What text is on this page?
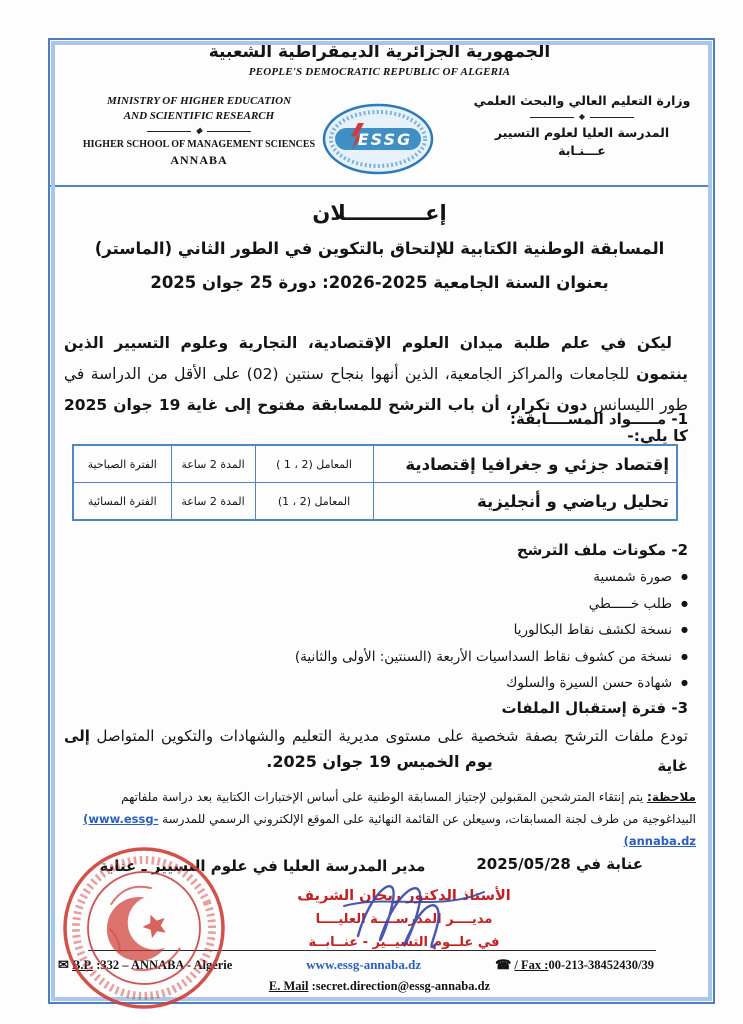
الجمهورية الجزائرية الديمقراطية الشعبية
PEOPLE'S DEMOCRATIC REPUBLIC OF ALGERIA
MINISTRY OF HIGHER EDUCATION
AND SCIENTIFIC RESEARCH
◆
HIGHER SCHOOL OF MANAGEMENT SCIENCES
ANNABA
ESSG
وزارة التعليم العالي والبحث العلمي
◆
المدرسة العليا لعلوم التسيير
عـــنـابة
إعـــــــــــلان
المسابقة الوطنية الكتابية للإلتحاق بالتكوين في الطور الثاني (الماستر)
بعنوان السنة الجامعية 2026-2025: دورة 25 جوان 2025

ليكن في علم طلبة ميدان العلوم الإقتصادية، التجارية وعلوم التسيير الذين ينتمون للجامعات والمراكز الجامعية، الذين أنهوا بنجاح سنتين (02) على الأقل من الدراسة في طور الليسانس دون تكرار، أن باب الترشح للمسابقة مفتوح إلى غاية 19 جوان 2025 كا يلي:-

1- مـــــواد المســــابقة:
إقتصاد جزئي و جغرافيا إقتصادية	المعامل (2 ، 1 )	المدة 2 ساعة	الفترة الصباحية
تحليل رياضي و أنجليزية	المعامل (2 ، 1)	المدة 2 ساعة	الفترة المسائية
2- مكونات ملف الترشح
●
صورة شمسية
●
طلب خـــــطي
●
نسخة لكشف نقاط البكالوريا
●
نسخة من كشوف نقاط السداسيات الأربعة (السنتين: الأولى والثانية)
●
شهادة حسن السيرة والسلوك
3- فترة إستقبال الملفات
تودع ملفات الترشح بصفة شخصية على مستوى مديرية التعليم والشهادات والتكوين المتواصل إلى غاية
يوم الخميس 19 جوان 2025.
ملاحظة: يتم إنتقاء المترشحين المقبولين لإجتياز المسابقة الوطنية على أساس الإختبارات الكتابية بعد دراسة ملفاتهم
البيداغوجية من طرف لجنة المسابقات، وسيعلن عن القائمة النهائية على الموقع الإلكتروني الرسمي للمدرسة (www.essg-
(annaba.dz
عنابة في 2025/05/28
مدير المدرسة العليا في علوم التسيير ـ عنابة
الأستاذ الدكتور ريحان الشريف
مديــــر المدرســــة العليــــا
في علــوم التسيــير - عنــابــة
✉ B.P. :332 – ANNABA - Algérie	www.essg-annaba.dz	☎ / Fax :00-213-38452430/39
E. Mail :secret.direction@essg-annaba.dz
